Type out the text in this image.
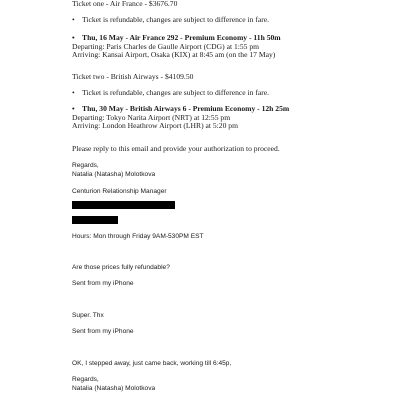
Ticket one - Air France - $3676.70
• Ticket is refundable, changes are subject to difference in fare.
• Thu, 16 May - Air France 292 - Premium Economy - 11h 50m
Departing: Paris Charles de Gaulle Airport (CDG) at 1:55 pm
Arriving: Kansai Airport, Osaka (KIX) at 8:45 am (on the 17 May)
Ticket two - British Airways - $4109.50
• Ticket is refundable, changes are subject to difference in fare.
• Thu, 30 May - British Airways 6 - Premium Economy - 12h 25m
Departing: Tokyo Narita Airport (NRT) at 12:55 pm
Arriving: London Heathrow Airport (LHR) at 5:20 pm
Please reply to this email and provide your authorization to proceed.
Regards,
Natalia (Natasha) Molotkova
Centurion Relationship Manager
Hours: Mon through Friday 9AM-530PM EST
Are those prices fully refundable?
Sent from my iPhone
Super. Thx
Sent from my iPhone
OK, I stepped away, just came back, working till 6:45p,
Regards,
Natalia (Natasha) Molotkova
